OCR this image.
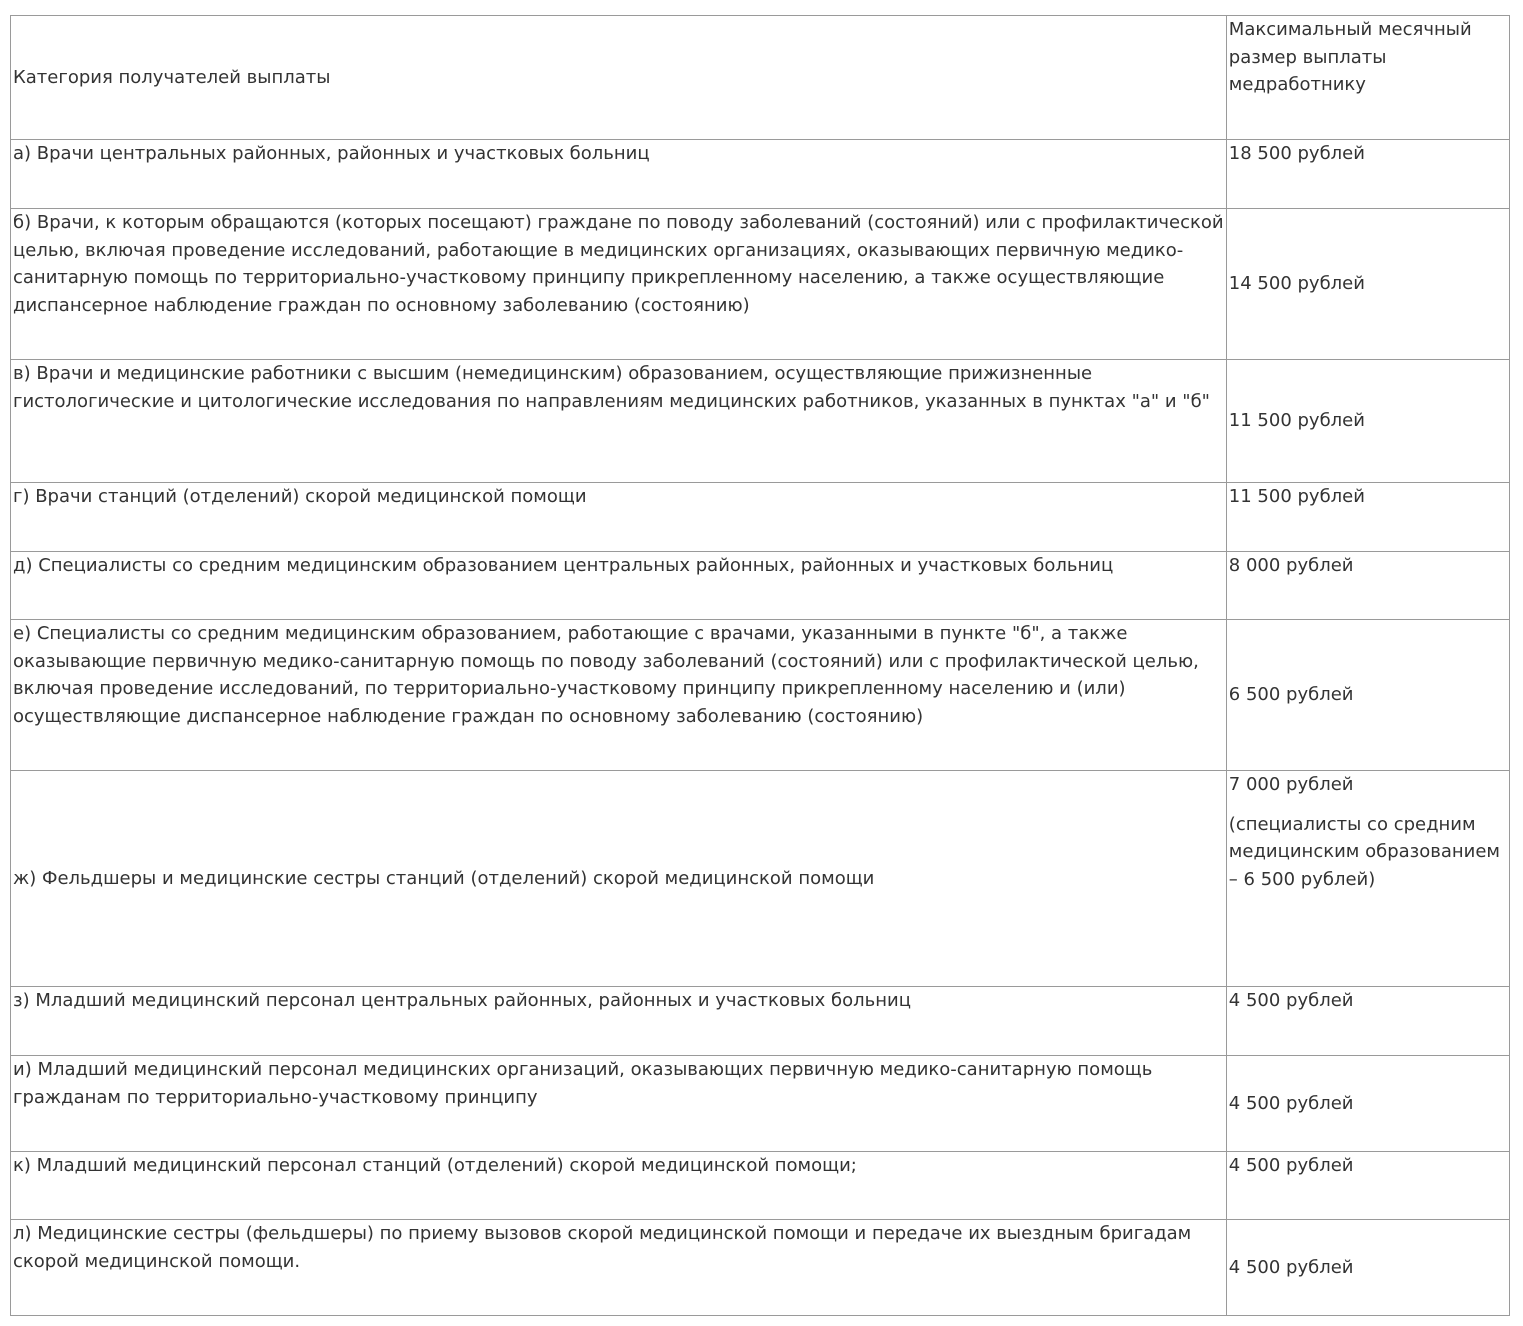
Категория получателей выплаты	Максимальный месячный размер выплаты медработнику
а) Врачи центральных районных, районных и участковых больниц	18 500 рублей
б) Врачи, к которым обращаются (которых посещают) граждане по поводу заболеваний (состояний) или с профилактической целью, включая проведение исследований, работающие в медицинских организациях, оказывающих первичную медико-санитарную помощь по территориально-участковому принципу прикрепленному населению, а также осуществляющие диспансерное наблюдение граждан по основному заболеванию (состоянию)	14 500 рублей
в) Врачи и медицинские работники с высшим (немедицинским) образованием, осуществляющие прижизненные гистологические и цитологические исследования по направлениям медицинских работников, указанных в пунктах "а" и "б"	11 500 рублей
г) Врачи станций (отделений) скорой медицинской помощи	11 500 рублей
д) Специалисты со средним медицинским образованием центральных районных, районных и участковых больниц	8 000 рублей
е) Специалисты со средним медицинским образованием, работающие с врачами, указанными в пункте "б", а также оказывающие первичную медико-санитарную помощь по поводу заболеваний (состояний) или с профилактической целью, включая проведение исследований, по территориально-участковому принципу прикрепленному населению и (или) осуществляющие диспансерное наблюдение граждан по основному заболеванию (состоянию)	6 500 рублей
ж) Фельдшеры и медицинские сестры станций (отделений) скорой медицинской помощи	7 000 рублей
(специалисты со средним медицинским образованием – 6 500 рублей)

з) Младший медицинский персонал центральных районных, районных и участковых больниц	4 500 рублей
и) Младший медицинский персонал медицинских организаций, оказывающих первичную медико-санитарную помощь гражданам по территориально-участковому принципу	4 500 рублей
к) Младший медицинский персонал станций (отделений) скорой медицинской помощи;	4 500 рублей
л) Медицинские сестры (фельдшеры) по приему вызовов скорой медицинской помощи и передаче их выездным бригадам скорой медицинской помощи.	4 500 рублей
